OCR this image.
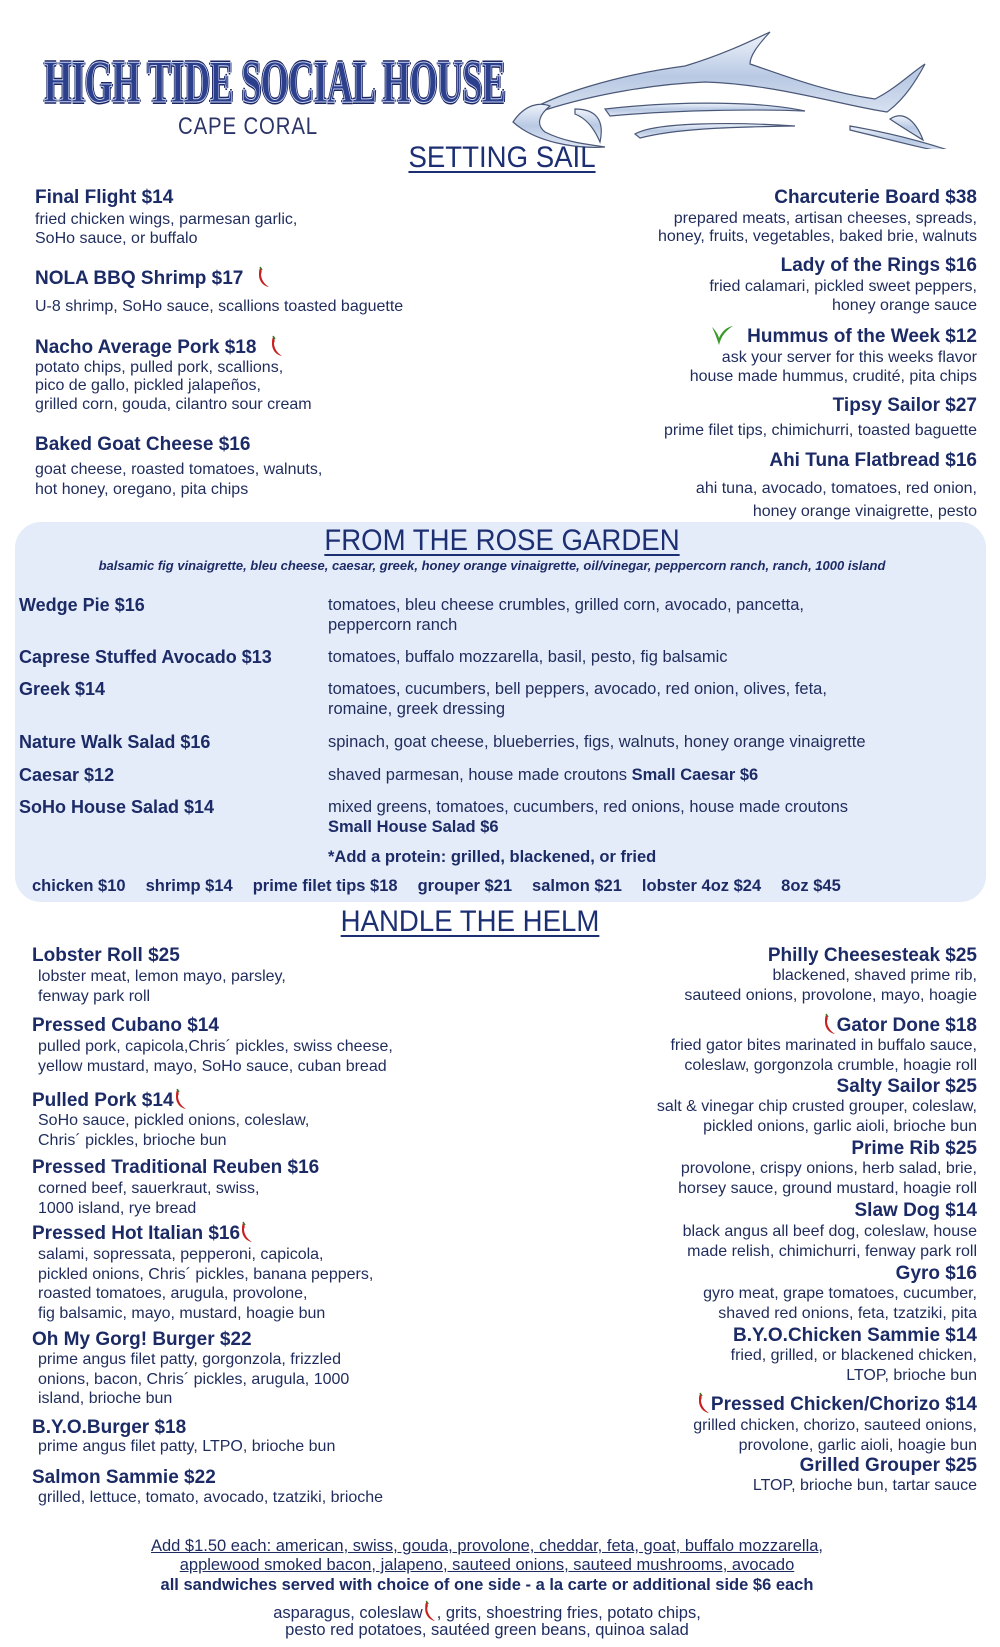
HIGH TIDE SOCIAL HOUSE
CAPE CORAL
SETTING SAIL
Final Flight $14
fried chicken wings, parmesan garlic,
SoHo sauce, or buffalo
NOLA BBQ Shrimp $17
U-8 shrimp, SoHo sauce, scallions toasted baguette
Nacho Average Pork $18
potato chips, pulled pork, scallions,
pico de gallo, pickled jalapeños,
grilled corn, gouda, cilantro sour cream
Baked Goat Cheese $16
goat cheese, roasted tomatoes, walnuts,
hot honey, oregano, pita chips
Charcuterie Board $38
prepared meats, artisan cheeses, spreads,
honey, fruits, vegetables, baked brie, walnuts
Lady of the Rings $16
fried calamari, pickled sweet peppers,
honey orange sauce
Hummus of the Week $12
ask your server for this weeks flavor
house made hummus, crudité, pita chips
Tipsy Sailor $27
prime filet tips, chimichurri, toasted baguette
Ahi Tuna Flatbread $16
ahi tuna, avocado, tomatoes, red onion,
honey orange vinaigrette, pesto
FROM THE ROSE GARDEN
balsamic fig vinaigrette, bleu cheese, caesar, greek, honey orange vinaigrette, oil/vinegar, peppercorn ranch, ranch, 1000 island
Wedge Pie $16	tomatoes, bleu cheese crumbles, grilled corn, avocado, pancetta,
peppercorn ranch
Caprese Stuffed Avocado $13	tomatoes, buffalo mozzarella, basil, pesto, fig balsamic
Greek $14	tomatoes, cucumbers, bell peppers, avocado, red onion, olives, feta,
romaine, greek dressing
Nature Walk Salad $16	spinach, goat cheese, blueberries, figs, walnuts, honey orange vinaigrette
Caesar $12	shaved parmesan, house made croutons Small Caesar $6
SoHo House Salad $14	mixed greens, tomatoes, cucumbers, red onions, house made croutons
Small House Salad $6
*Add a protein: grilled, blackened, or fried
chicken $10 shrimp $14 prime filet tips $18 grouper $21 salmon $21 lobster 4oz $24 8oz $45
HANDLE THE HELM
Lobster Roll $25
lobster meat, lemon mayo, parsley,
fenway park roll
Pressed Cubano $14
pulled pork, capicola,Chris´ pickles, swiss cheese,
yellow mustard, mayo, SoHo sauce, cuban bread
Pulled Pork $14
SoHo sauce, pickled onions, coleslaw,
Chris´ pickles, brioche bun
Pressed Traditional Reuben $16
corned beef, sauerkraut, swiss,
1000 island, rye bread
Pressed Hot Italian $16
salami, sopressata, pepperoni, capicola,
pickled onions, Chris´ pickles, banana peppers,
roasted tomatoes, arugula, provolone,
fig balsamic, mayo, mustard, hoagie bun
Oh My Gorg! Burger $22
prime angus filet patty, gorgonzola, frizzled
onions, bacon, Chris´ pickles, arugula, 1000
island, brioche bun
B.Y.O.Burger $18
prime angus filet patty, LTPO, brioche bun
Salmon Sammie $22
grilled, lettuce, tomato, avocado, tzatziki, brioche
Philly Cheesesteak $25
blackened, shaved prime rib,
sauteed onions, provolone, mayo, hoagie
Gator Done $18
fried gator bites marinated in buffalo sauce,
coleslaw, gorgonzola crumble, hoagie roll
Salty Sailor $25
salt & vinegar chip crusted grouper, coleslaw,
pickled onions, garlic aioli, brioche bun
Prime Rib $25
provolone, crispy onions, herb salad, brie,
horsey sauce, ground mustard, hoagie roll
Slaw Dog $14
black angus all beef dog, coleslaw, house
made relish, chimichurri, fenway park roll
Gyro $16
gyro meat, grape tomatoes, cucumber,
shaved red onions, feta, tzatziki, pita
B.Y.O.Chicken Sammie $14
fried, grilled, or blackened chicken,
LTOP, brioche bun
Pressed Chicken/Chorizo $14
grilled chicken, chorizo, sauteed onions,
provolone, garlic aioli, hoagie bun
Grilled Grouper $25
LTOP, brioche bun, tartar sauce
Add $1.50 each: american, swiss, gouda, provolone, cheddar, feta, goat, buffalo mozzarella,
applewood smoked bacon, jalapeno, sauteed onions, sauteed mushrooms, avocado
all sandwiches served with choice of one side - a la carte or additional side $6 each
asparagus, coleslaw , grits, shoestring fries, potato chips,
pesto red potatoes, sautéed green beans, quinoa salad
